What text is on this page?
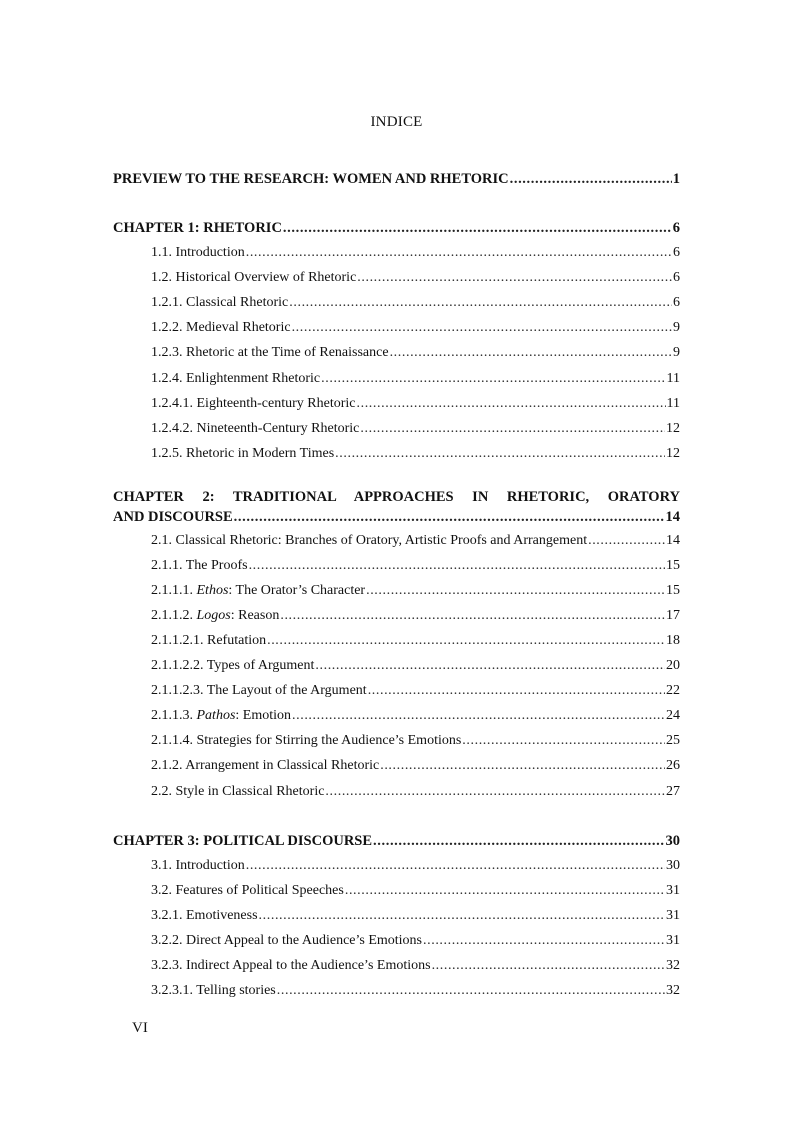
INDICE
PREVIEW TO THE RESEARCH: WOMEN AND RHETORIC .....	1
CHAPTER 1: RHETORIC .....	6
1.1. Introduction .....	6
1.2. Historical Overview of Rhetoric .....	6
1.2.1. Classical Rhetoric .....	6
1.2.2. Medieval Rhetoric .....	9
1.2.3. Rhetoric at the Time of Renaissance .....	9
1.2.4. Enlightenment Rhetoric .....	11
1.2.4.1. Eighteenth-century Rhetoric .....	11
1.2.4.2. Nineteenth-Century Rhetoric .....	12
1.2.5. Rhetoric in Modern Times .....	12
CHAPTER 2: TRADITIONAL APPROACHES IN RHETORIC, ORATORY
AND DISCOURSE .....	14
2.1. Classical Rhetoric: Branches of Oratory, Artistic Proofs and Arrangement .....	14
2.1.1. The Proofs .....	15
2.1.1.1. Ethos: The Orator’s Character .....	15
2.1.1.2. Logos: Reason .....	17
2.1.1.2.1. Refutation .....	18
2.1.1.2.2. Types of Argument .....	20
2.1.1.2.3. The Layout of the Argument .....	22
2.1.1.3. Pathos: Emotion .....	24
2.1.1.4. Strategies for Stirring the Audience’s Emotions .....	25
2.1.2. Arrangement in Classical Rhetoric .....	26
2.2. Style in Classical Rhetoric .....	27
CHAPTER 3: POLITICAL DISCOURSE .....	30
3.1. Introduction .....	30
3.2. Features of Political Speeches .....	31
3.2.1. Emotiveness .....	31
3.2.2. Direct Appeal to the Audience’s Emotions .....	31
3.2.3. Indirect Appeal to the Audience’s Emotions .....	32
3.2.3.1. Telling stories .....	32
VI
